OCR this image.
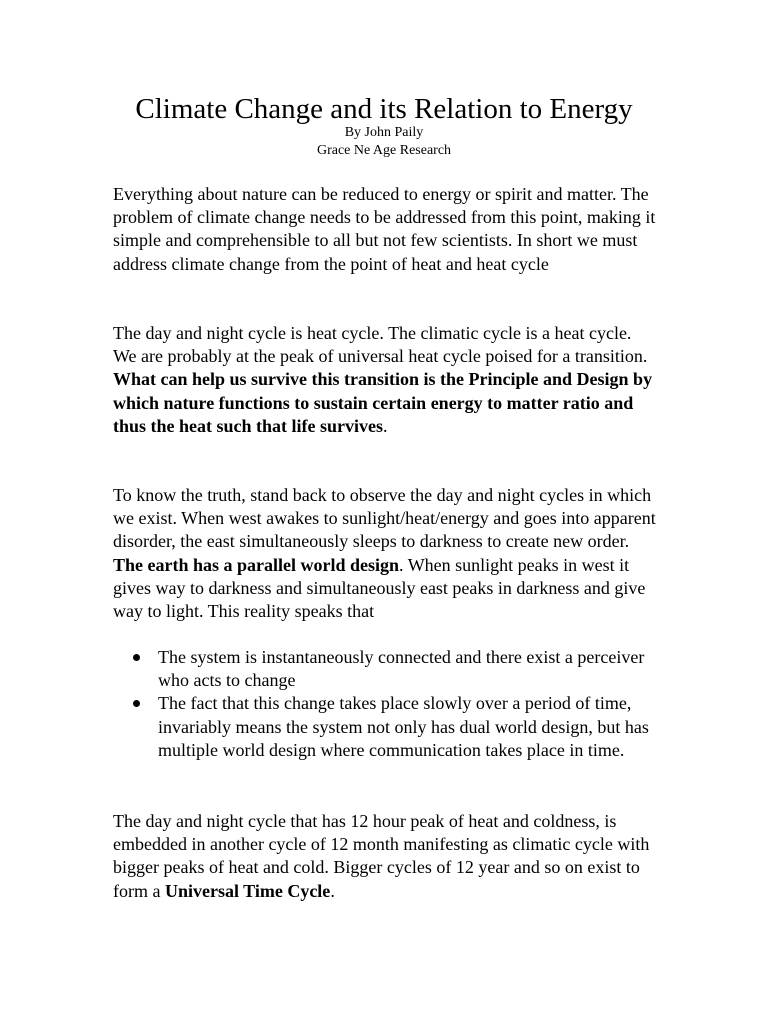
Climate Change and its Relation to Energy
By John Paily
Grace Ne Age Research

Everything about nature can be reduced to energy or spirit and matter. The problem of climate change needs to be addressed from this point, making it simple and comprehensible to all but not few scientists. In short we must address climate change from the point of heat and heat cycle

The day and night cycle is heat cycle. The climatic cycle is a heat cycle. We are probably at the peak of universal heat cycle poised for a transition. What can help us survive this transition is the Principle and Design by which nature functions to sustain certain energy to matter ratio and thus the heat such that life survives.

To know the truth, stand back to observe the day and night cycles in which we exist. When west awakes to sunlight/heat/energy and goes into apparent disorder, the east simultaneously sleeps to darkness to create new order. The earth has a parallel world design. When sunlight peaks in west it gives way to darkness and simultaneously east peaks in darkness and give way to light. This reality speaks that

The system is instantaneously connected and there exist a perceiver who acts to change
The fact that this change takes place slowly over a period of time, invariably means the system not only has dual world design, but has multiple world design where communication takes place in time.

The day and night cycle that has 12 hour peak of heat and coldness, is embedded in another cycle of 12 month manifesting as climatic cycle with bigger peaks of heat and cold. Bigger cycles of 12 year and so on exist to form a Universal Time Cycle.
